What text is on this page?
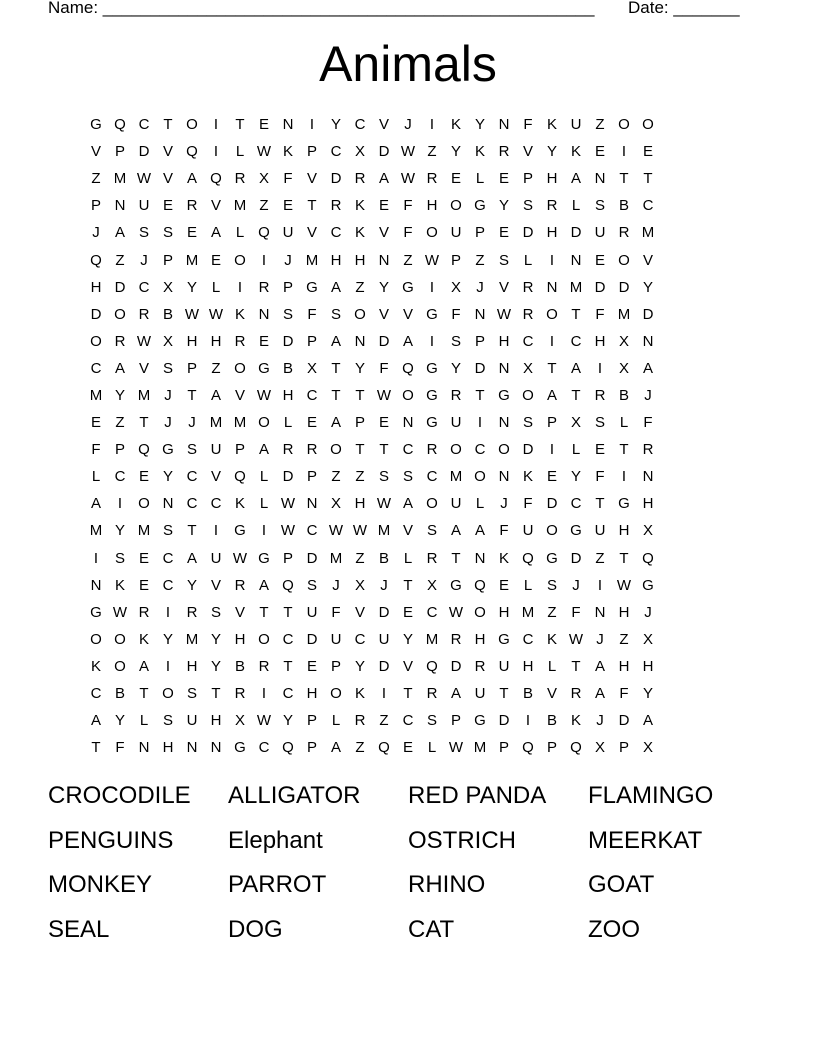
Name: ____________________________________________________ Date: _______
Animals
G Q C T O	I	T E N	I	Y C V	J	I	K Y N F K U Z O O
V P D V Q	I	L W K P C X D W Z Y K R V Y K E	I	E
Z M W V A Q R X F V D R A W R E L E P H A N T T
P N U E R V M Z E T R K E F H O G Y S R L S B C
J	A S S E A L Q U V C K V F O U P E D H D U R M
Q Z	J	P M E O	I	J M H H N Z W P Z S L	I	N E O V
H D C X Y L	I	R P G A Z Y G	I	X	J	V R N M D D Y
D O R B W W K N S F S O V V G F N W R O T F M D
O R W X H H R E D P A N D A	I	S P H C	I	C H X N
C A V S P Z O G B X T Y F Q G Y D N X T A	I	X A
M Y M J	T A V W H C T T W O G R T G O A T R B	J
E Z T	J	J M M O L E A P E N G U	I	N S P X S L	F
F P Q G S U P A R R O T T C R O C O D	I	L E T R
L C E Y C V Q L D P Z Z S S C M O N K E Y F	I	N
A	I	O N C C K L W N X H W A O U L	J	F D C T G H
M Y M S T	I	G	I W C W W M V S A A F U O G U H X
I	S E C A U W G P D M Z B L R T N K Q G D Z T Q
N K E C Y V R A Q S	J	X	J	T X G Q E L S	J	I W G
G W R	I	R S V T T U F V D E C W O H M Z F N H J
O O K Y M Y H O C D U C U Y M R H G C K W J	Z X
K O A	I	H Y B R T E P Y D V Q D R U H L	T A H H
C B T O S T R	I	C H O K	I	T R A U T B V R A F Y
A Y L S U H X W Y P L R Z C S P G D	I	B K	J D A
T F N H N N G C Q P A Z Q E L W M P Q P Q X P X
CROCODILE	ALLIGATOR	RED PANDA	FLAMINGO
PENGUINS	Elephant	OSTRICH	MEERKAT
MONKEY	PARROT	RHINO	GOAT
SEAL	DOG	CAT	ZOO
